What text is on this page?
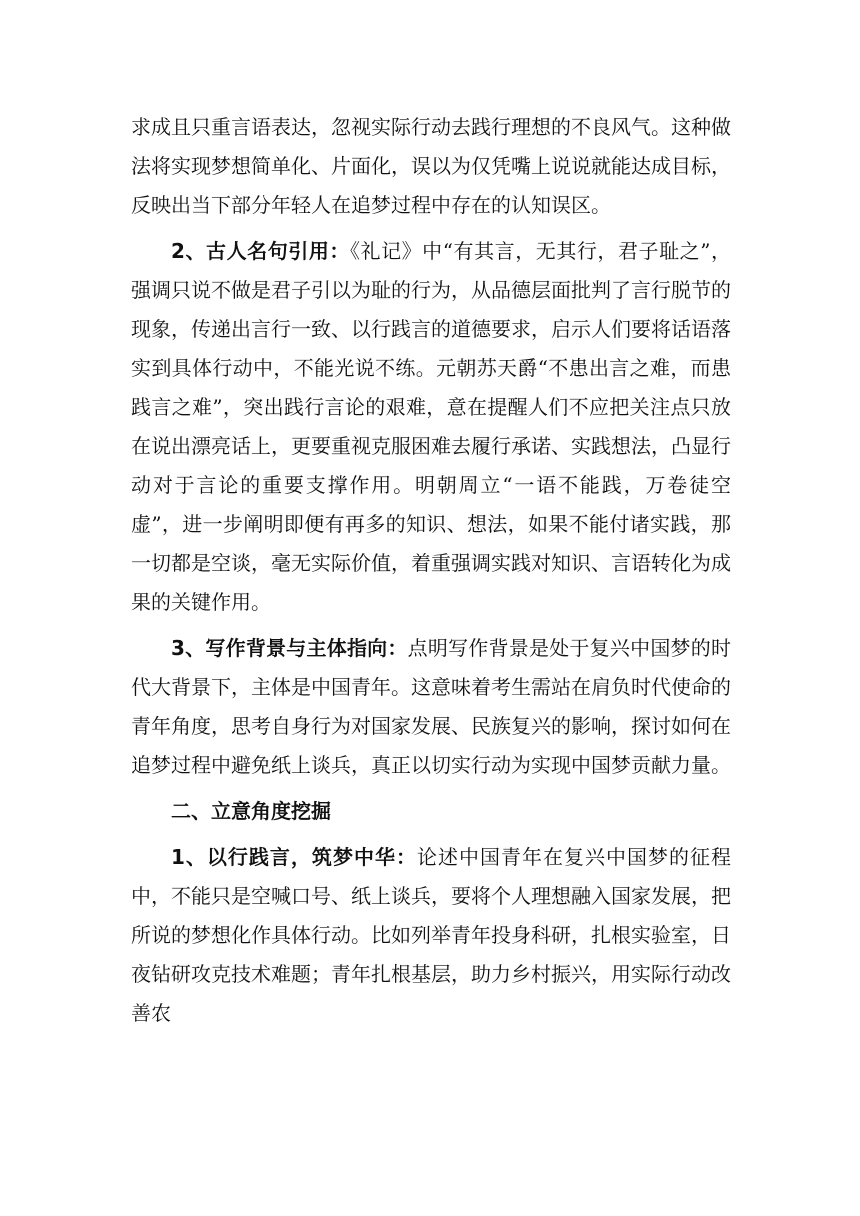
求成且只重言语表达，忽视实际行动去践行理想的不良风气。这种做法将实现梦想简单化、片面化，误以为仅凭嘴上说说就能达成目标，反映出当下部分年轻人在追梦过程中存在的认知误区。

2、古人名句引用：《礼记》中“有其言，无其行，君子耻之”，强调只说不做是君子引以为耻的行为，从品德层面批判了言行脱节的现象，传递出言行一致、以行践言的道德要求，启示人们要将话语落实到具体行动中，不能光说不练。元朝苏天爵“不患出言之难，而患践言之难”，突出践行言论的艰难，意在提醒人们不应把关注点只放在说出漂亮话上，更要重视克服困难去履行承诺、实践想法，凸显行动对于言论的重要支撑作用。明朝周立“一语不能践，万卷徒空虚”，进一步阐明即便有再多的知识、想法，如果不能付诸实践，那一切都是空谈，毫无实际价值，着重强调实践对知识、言语转化为成果的关键作用。

3、写作背景与主体指向：点明写作背景是处于复兴中国梦的时代大背景下，主体是中国青年。这意味着考生需站在肩负时代使命的青年角度，思考自身行为对国家发展、民族复兴的影响，探讨如何在追梦过程中避免纸上谈兵，真正以切实行动为实现中国梦贡献力量。

二、立意角度挖掘

1、以行践言，筑梦中华：论述中国青年在复兴中国梦的征程中，不能只是空喊口号、纸上谈兵，要将个人理想融入国家发展，把所说的梦想化作具体行动。比如列举青年投身科研，扎根实验室，日夜钻研攻克技术难题；青年扎根基层，助力乡村振兴，用实际行动改善农
